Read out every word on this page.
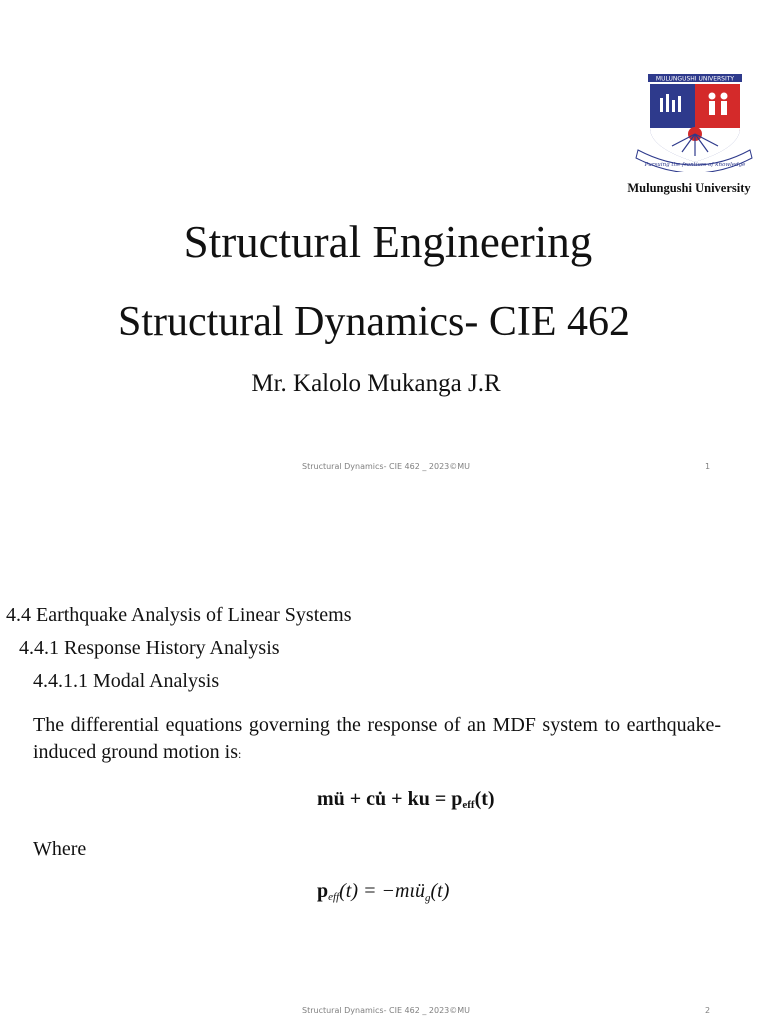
MULUNGUSHI UNIVERSITY
Pursuing the frontiers of knowledge
Mulungushi University
Structural Engineering
Structural Dynamics- CIE 462
Mr. Kalolo Mukanga J.R
Structural Dynamics- CIE 462 _ 2023©MU	1
4.4 Earthquake Analysis of Linear Systems
4.4.1 Response History Analysis
4.4.1.1 Modal Analysis
The differential equations governing the response of an MDF system to earthquake-induced ground motion is:
mü + cu̇ + ku = $p_{eff}(t)$
Where
$p_{eff}(t)$ = −mιü$_g$(t)
Structural Dynamics- CIE 462 _ 2023©MU	2
